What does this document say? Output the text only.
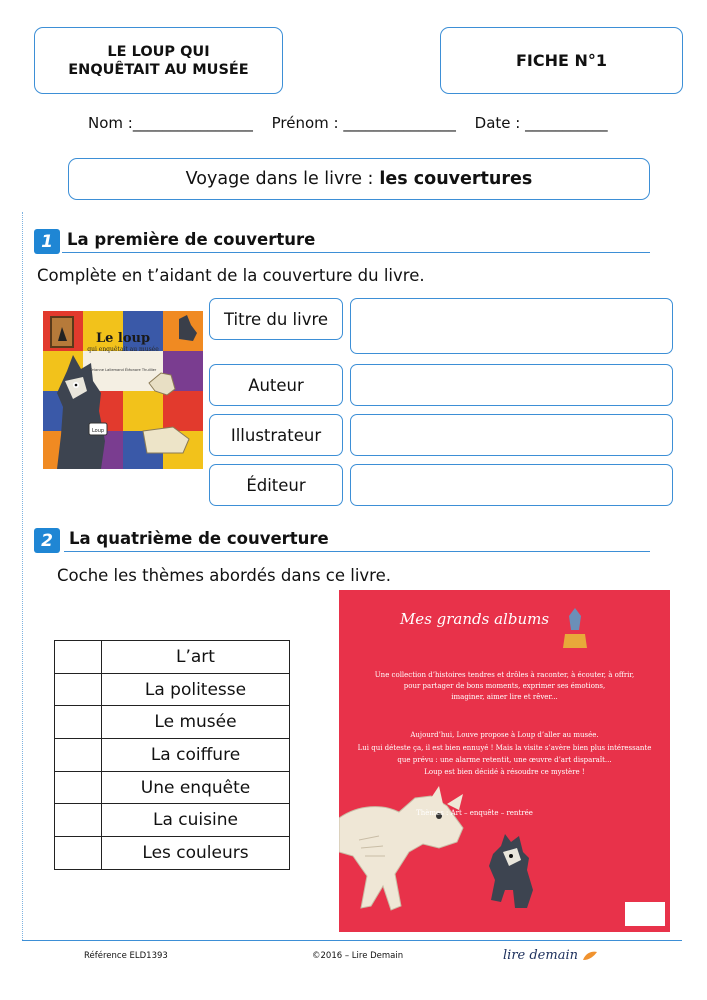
LE LOUP QUI
ENQUÊTAIT AU MUSÉE	FICHE N°1
Nom :________________ Prénom : _______________ Date : ___________
Voyage dans le livre : les couvertures
1 La première de couverture
Complète en t’aidant de la couverture du livre.
Loup
Le loup
qui enquêtait au musée
Orianne Lallemand Éléonore Thuillier
Titre du livre
Auteur
Illustrateur
Éditeur
2 La quatrième de couverture
Coche les thèmes abordés dans ce livre.
	L’art
	La politesse
	Le musée
	La coiffure
	Une enquête
	La cuisine
	Les couleurs
Mes grands albums
Une collection d’histoires tendres et drôles à raconter, à écouter, à offrir,
pour partager de bons moments, exprimer ses émotions,
imaginer, aimer lire et rêver...
Aujourd’hui, Louve propose à Loup d’aller au musée.
Lui qui déteste ça, il est bien ennuyé ! Mais la visite s’avère bien plus intéressante
que prévu : une alarme retentit, une œuvre d’art disparaît...
Loup est bien décidé à résoudre ce mystère !
Thèmes : Art – enquête – rentrée
Référence ELD1393	©2016 – Lire Demain	lire demain
